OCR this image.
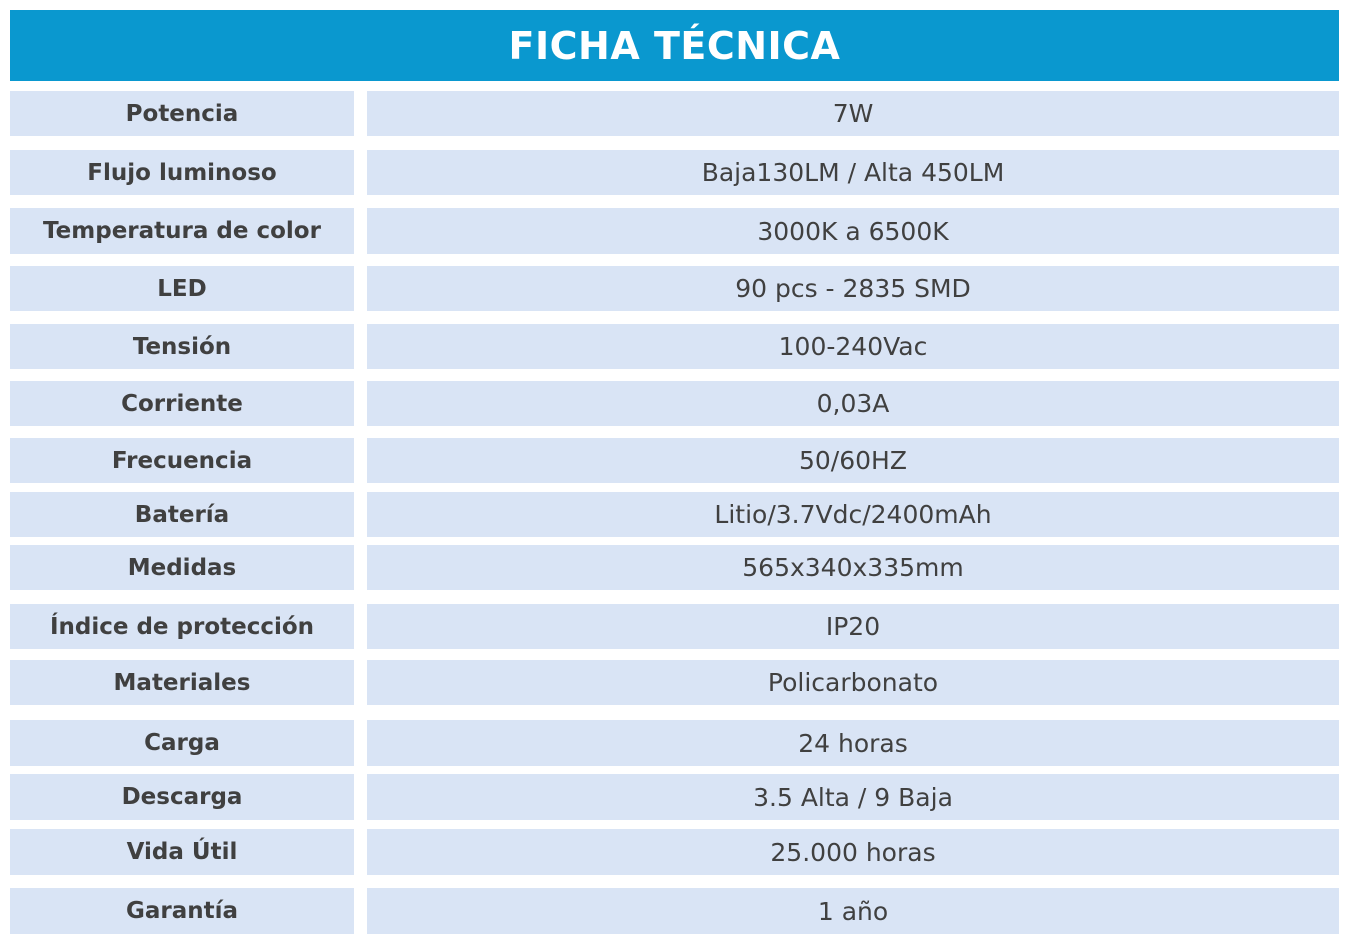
FICHA TÉCNICA
Potencia	7W
Flujo luminoso	Baja130LM / Alta 450LM
Temperatura de color	3000K a 6500K
LED	90 pcs - 2835 SMD
Tensión	100-240Vac
Corriente	0,03A
Frecuencia	50/60HZ
Batería	Litio/3.7Vdc/2400mAh
Medidas	565x340x335mm
Índice de protección	IP20
Materiales	Policarbonato
Carga	24 horas
Descarga	3.5 Alta / 9 Baja
Vida Útil	25.000 horas
Garantía	1 año
